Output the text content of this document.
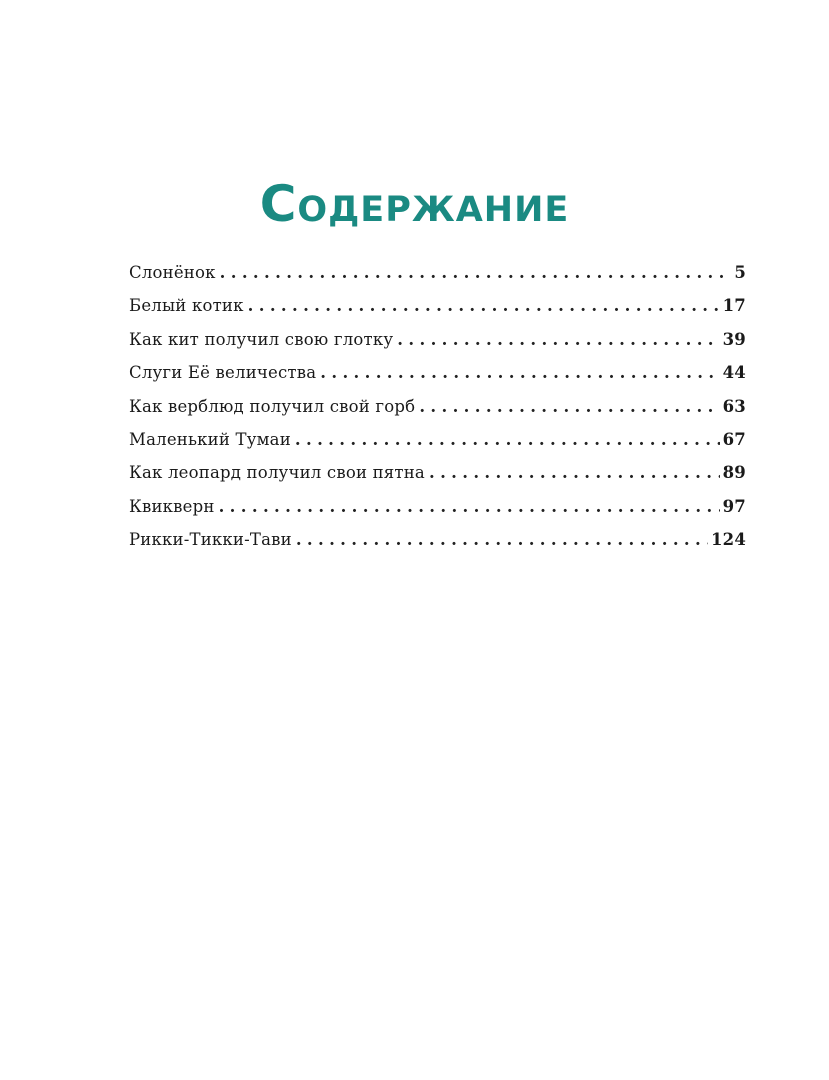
Содержание
Слонёнок . . .	5
Белый котик . . .	17
Как кит получил свою глотку . . .	39
Слуги Её величества . . .	44
Как верблюд получил свой горб . . .	63
Маленький Тумаи . . .	67
Как леопард получил свои пятна . . .	89
Квикверн . . .	97
Рикки-Тикки-Тави . . .	124
